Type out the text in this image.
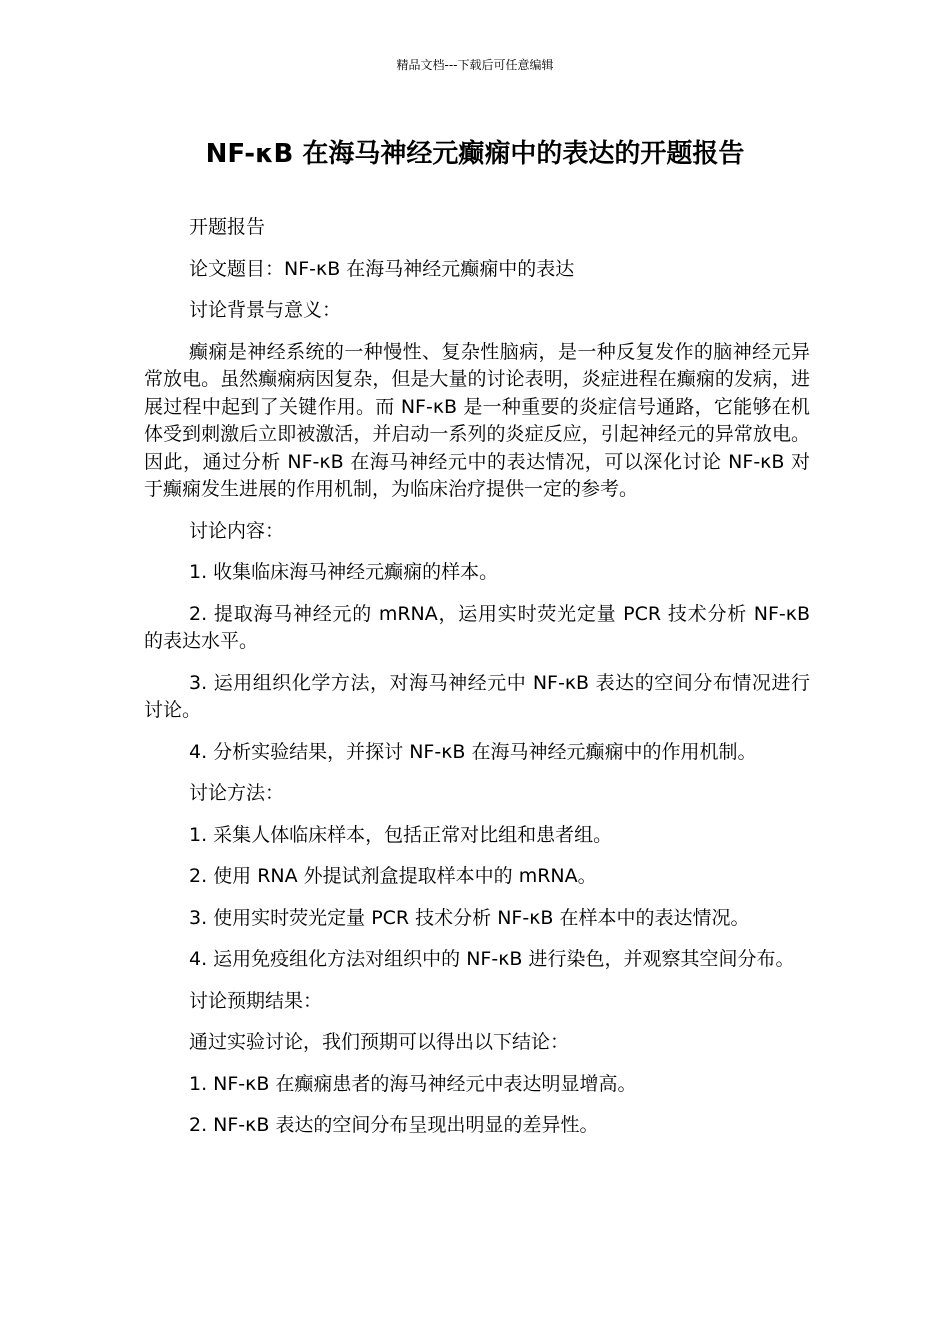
精品文档---下载后可任意编辑
NF-κB 在海马神经元癫痫中的表达的开题报告

开题报告

论文题目：NF-κB 在海马神经元癫痫中的表达

讨论背景与意义：

癫痫是神经系统的一种慢性、复杂性脑病，是一种反复发作的脑神经元异常放电。虽然癫痫病因复杂，但是大量的讨论表明，炎症进程在癫痫的发病，进展过程中起到了关键作用。而 NF-κB 是一种重要的炎症信号通路，它能够在机体受到刺激后立即被激活，并启动一系列的炎症反应，引起神经元的异常放电。因此，通过分析 NF-κB 在海马神经元中的表达情况，可以深化讨论 NF-κB 对于癫痫发生进展的作用机制，为临床治疗提供一定的参考。

讨论内容：

1. 收集临床海马神经元癫痫的样本。

2. 提取海马神经元的 mRNA，运用实时荧光定量 PCR 技术分析 NF-κB 的表达水平。

3. 运用组织化学方法，对海马神经元中 NF-κB 表达的空间分布情况进行讨论。

4. 分析实验结果，并探讨 NF-κB 在海马神经元癫痫中的作用机制。

讨论方法：

1. 采集人体临床样本，包括正常对比组和患者组。

2. 使用 RNA 外提试剂盒提取样本中的 mRNA。

3. 使用实时荧光定量 PCR 技术分析 NF-κB 在样本中的表达情况。

4. 运用免疫组化方法对组织中的 NF-κB 进行染色，并观察其空间分布。

讨论预期结果：

通过实验讨论，我们预期可以得出以下结论：

1. NF-κB 在癫痫患者的海马神经元中表达明显增高。

2. NF-κB 表达的空间分布呈现出明显的差异性。
